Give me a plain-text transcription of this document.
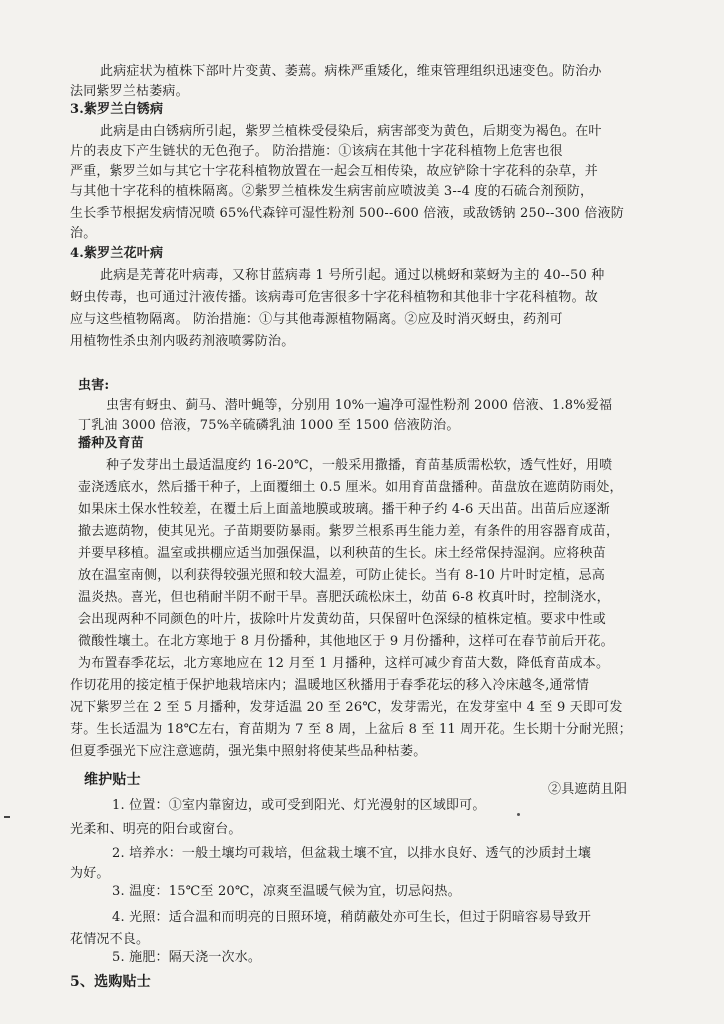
此病症状为植株下部叶片变黄、萎蔫。病株严重矮化，维束管理组织迅速变色。防治办
法同紫罗兰枯萎病。
3.紫罗兰白锈病
此病是由白锈病所引起，紫罗兰植株受侵染后，病害部变为黄色，后期变为褐色。在叶
片的表皮下产生链状的无色孢子。 防治措施：①该病在其他十字花科植物上危害也很
严重，紫罗兰如与其它十字花科植物放置在一起会互相传染，故应铲除十字花科的杂草，并
与其他十字花科的植株隔离。②紫罗兰植株发生病害前应喷波美 3--4 度的石硫合剂预防，
生长季节根据发病情况喷 65%代森锌可湿性粉剂 500--600 倍液，或敌锈钠 250--300 倍液防
治。
4.紫罗兰花叶病
此病是芜菁花叶病毒，又称甘蓝病毒 1 号所引起。通过以桃蚜和菜蚜为主的 40--50 种
蚜虫传毒，也可通过汁液传播。该病毒可危害很多十字花科植物和其他非十字花科植物。故
应与这些植物隔离。 防治措施：①与其他毒源植物隔离。②应及时消灭蚜虫，药剂可
用植物性杀虫剂内吸药剂液喷雾防治。
虫害:
虫害有蚜虫、蓟马、潜叶蝇等，分别用 10%一遍净可湿性粉剂 2000 倍液、1.8%爱福
丁乳油 3000 倍液，75%辛硫磷乳油 1000 至 1500 倍液防治。
播种及育苗
种子发芽出土最适温度约 16-20℃，一般采用撒播，育苗基质需松软，透气性好，用喷
壶浇透底水，然后播干种子，上面覆细土 0.5 厘米。如用育苗盘播种。苗盘放在遮荫防雨处，
如果床土保水性较差，在覆土后上面盖地膜或玻璃。播干种子约 4-6 天出苗。出苗后应逐渐
撤去遮荫物，使其见光。子苗期要防暴雨。紫罗兰根系再生能力差，有条件的用容器育成苗，
并要早移植。温室或拱棚应适当加强保温，以利秧苗的生长。床土经常保持湿润。应将秧苗
放在温室南侧，以利获得较强光照和较大温差，可防止徒长。当有 8-10 片叶时定植，忌高
温炎热。喜光，但也稍耐半阴不耐干旱。喜肥沃疏松床土，幼苗 6-8 枚真叶时，控制浇水，
会出现两种不同颜色的叶片，拔除叶片发黄幼苗，只保留叶色深绿的植株定植。要求中性或
微酸性壤土。在北方寒地于 8 月份播种，其他地区于 9 月份播种，这样可在春节前后开花。
为布置春季花坛，北方寒地应在 12 月至 1 月播种，这样可减少育苗大数，降低育苗成本。
作切花用的接定植于保护地栽培床内；温暖地区秋播用于春季花坛的移入冷床越冬,通常情
况下紫罗兰在 2 至 5 月播种，发芽适温 20 至 26℃，发芽需光，在发芽室中 4 至 9 天即可发
芽。生长适温为 18℃左右，育苗期为 7 至 8 周，上盆后 8 至 11 周开花。生长期十分耐光照；
但夏季强光下应注意遮荫，强光集中照射将使某些品种枯萎。
维护贴士
1. 位置：①室内靠窗边，或可受到阳光、灯光漫射的区域即可。
②具遮荫且阳
光柔和、明亮的阳台或窗台。
2. 培养水：一般土壤均可栽培，但盆栽土壤不宜，以排水良好、透气的沙质封土壤
为好。
3. 温度：15℃至 20℃，凉爽至温暖气候为宜，切忌闷热。
4. 光照：适合温和而明亮的日照环境，稍荫蔽处亦可生长，但过于阴暗容易导致开
花情况不良。
5. 施肥：隔天浇一次水。
5、选购贴士
